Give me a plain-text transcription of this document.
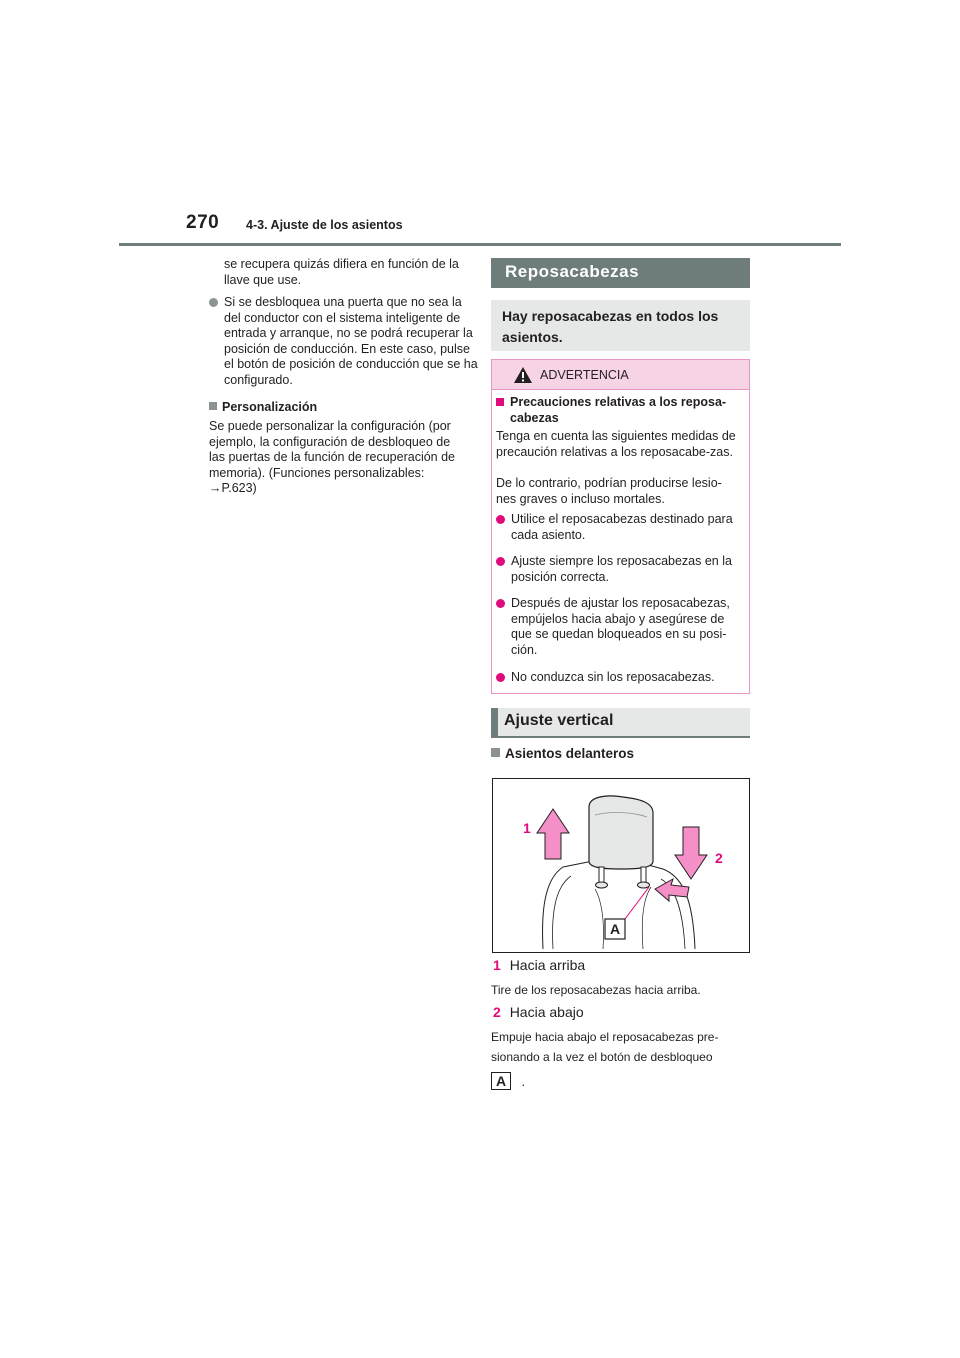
270 4-3. Ajuste de los asientos

se recupera quizás difiera en función de la llave que use.

Si se desbloquea una puerta que no sea la del conductor con el sistema inteligente de entrada y arranque, no se podrá recuperar la posición de conducción. En este caso, pulse el botón de posición de conducción que se ha configurado.
Personalización
Se puede personalizar la configuración (por ejemplo, la configuración de desbloqueo de las puertas de la función de recuperación de memoria). (Funciones personalizables:
→P.623)
Reposacabezas
Hay reposacabezas en todos los asientos.
ADVERTENCIA
Precauciones relativas a los reposa-cabezas
Tenga en cuenta las siguientes medidas de precaución relativas a los reposacabe-zas.
De lo contrario, podrían producirse lesio-nes graves o incluso mortales.
Utilice el reposacabezas destinado para cada asiento.
Ajuste siempre los reposacabezas en la posición correcta.
Después de ajustar los reposacabezas, empújelos hacia abajo y asegúrese de que se quedan bloqueados en su posi-ción.
No conduzca sin los reposacabezas.
Ajuste vertical
Asientos delanteros
A
1
2
1 Hacia arriba
Tire de los reposacabezas hacia arriba.
2 Hacia abajo
Empuje hacia abajo el reposacabezas pre-
sionando a la vez el botón de desbloqueo
A .
